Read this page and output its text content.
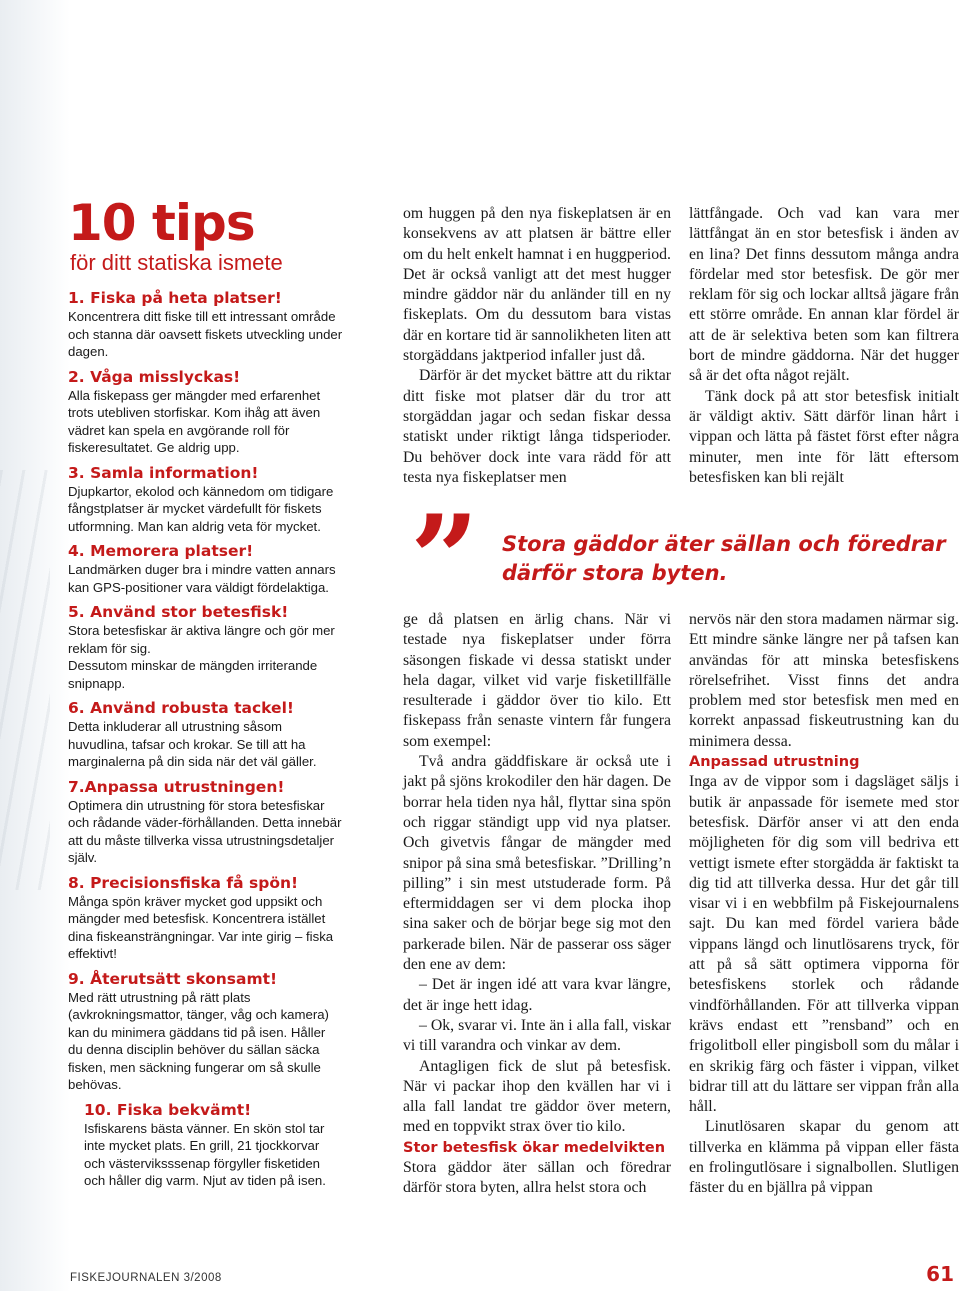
10 tips

för ditt statiska ismete

1. Fiska på heta platser!

Koncentrera ditt fiske till ett intressant område och stanna där oavsett fiskets utveckling under dagen.

2. Våga misslyckas!

Alla fiskepass ger mängder med erfarenhet trots utebliven storfiskar. Kom ihåg att även vädret kan spela en avgörande roll för fiskeresultatet. Ge aldrig upp.

3. Samla information!

Djupkartor, ekolod och kännedom om tidigare fångstplatser är mycket värdefullt för fiskets utformning. Man kan aldrig veta för mycket.

4. Memorera platser!

Landmärken duger bra i mindre vatten annars kan GPS-positioner vara väldigt fördelaktiga.

5. Använd stor betesfisk!

Stora betesfiskar är aktiva längre och gör mer reklam för sig.

Dessutom minskar de mängden irriterande snipnapp.

6. Använd robusta tackel!

Detta inkluderar all utrustning såsom huvudlina, tafsar och krokar. Se till att ha marginalerna på din sida när det väl gäller.

7.Anpassa utrustningen!

Optimera din utrustning för stora betesfiskar och rådande väder-förhållanden. Detta innebär att du måste tillverka vissa utrustningsdetaljer själv.

8. Precisionsfiska få spön!

Många spön kräver mycket god uppsikt och mängder med betesfisk. Koncentrera istället dina fiskeansträngningar. Var inte girig – fiska effektivt!

9. Återutsätt skonsamt!

Med rätt utrustning på rätt plats (avkrokningsmattor, tänger, våg och kamera) kan du minimera gäddans tid på isen. Håller du denna disciplin behöver du sällan säcka fisken, men säckning fungerar om så skulle behövas.

10. Fiska bekvämt!

Isfiskarens bästa vänner. En skön stol tar inte mycket plats. En grill, 21 tjockkorvar och västerviksssenap förgyller fisketiden och håller dig varm. Njut av tiden på isen.

om huggen på den nya fiskeplatsen är en konsekvens av att platsen är bättre eller om du helt enkelt hamnat i en huggperiod. Det är också vanligt att det mest hugger mindre gäddor när du anländer till en ny fiskeplats. Om du dessutom bara vistas där en kortare tid är sannolikheten liten att storgäddans jaktperiod infaller just då.

Därför är det mycket bättre att du riktar ditt fiske mot platser där du tror att storgäddan jagar och sedan fiskar dessa statiskt under riktigt långa tidsperioder. Du behöver dock inte vara rädd för att testa nya fiskeplatser men

lättfångade. Och vad kan vara mer lättfångat än en stor betesfisk i änden av en lina? Det finns dessutom många andra fördelar med stor betesfisk. De gör mer reklam för sig och lockar alltså jägare från ett större område. En annan klar fördel är att de är selektiva beten som kan filtrera bort de mindre gäddorna. När det hugger så är det ofta något rejält.

Tänk dock på att stor betesfisk initialt är väldigt aktiv. Sätt därför linan hårt i vippan och lätta på fästet först efter några minuter, men inte för lätt eftersom betesfisken kan bli rejält

” Stora gäddor äter sällan och föredrar därför stora byten.

ge då platsen en ärlig chans. När vi testade nya fiskeplatser under förra säsongen fiskade vi dessa statiskt under hela dagar, vilket vid varje fisketillfälle resulterade i gäddor över tio kilo. Ett fiskepass från senaste vintern får fungera som exempel:

Två andra gäddfiskare är också ute i jakt på sjöns krokodiler den här dagen. De borrar hela tiden nya hål, flyttar sina spön och riggar ständigt upp vid nya platser. Och givetvis fångar de mängder med snipor på sina små betesfiskar. ”Drilling’n pilling” i sin mest utstuderade form. På eftermiddagen ser vi dem plocka ihop sina saker och de börjar bege sig mot den parkerade bilen. När de passerar oss säger den ene av dem:

– Det är ingen idé att vara kvar längre, det är inge hett idag.

– Ok, svarar vi. Inte än i alla fall, viskar vi till varandra och vinkar av dem.

Antagligen fick de slut på betesfisk. När vi packar ihop den kvällen har vi i alla fall landat tre gäddor över metern, med en toppvikt strax över tio kilo.

Stor betesfisk ökar medelvikten

Stora gäddor äter sällan och föredrar därför stora byten, allra helst stora och

nervös när den stora madamen närmar sig. Ett mindre sänke längre ner på tafsen kan användas för att minska betesfiskens rörelsefrihet. Visst finns det andra problem med stor betesfisk men med en korrekt anpassad fiskeutrustning kan du minimera dessa.

Anpassad utrustning

Inga av de vippor som i dagsläget säljs i butik är anpassade för isemete med stor betesfisk. Därför anser vi att den enda möjligheten för dig som vill bedriva ett vettigt ismete efter storgädda är faktiskt ta dig tid att tillverka dessa. Hur det går till visar vi i en webbfilm på Fiskejournalens sajt. Du kan med fördel variera både vippans längd och linutlösarens tryck, för att på så sätt optimera vipporna för betesfiskens storlek och rådande vindförhållanden. För att tillverka vippan krävs endast ett ”rensband” och en frigolitboll eller pingisboll som du målar i en skrikig färg och fäster i vippan, vilket bidrar till att du lättare ser vippan från alla håll.

Linutlösaren skapar du genom att tillverka en klämma på vippan eller fästa en frolingutlösare i signalbollen. Slutligen fäster du en bjällra på vippan

FISKEJOURNALEN 3/2008	61
